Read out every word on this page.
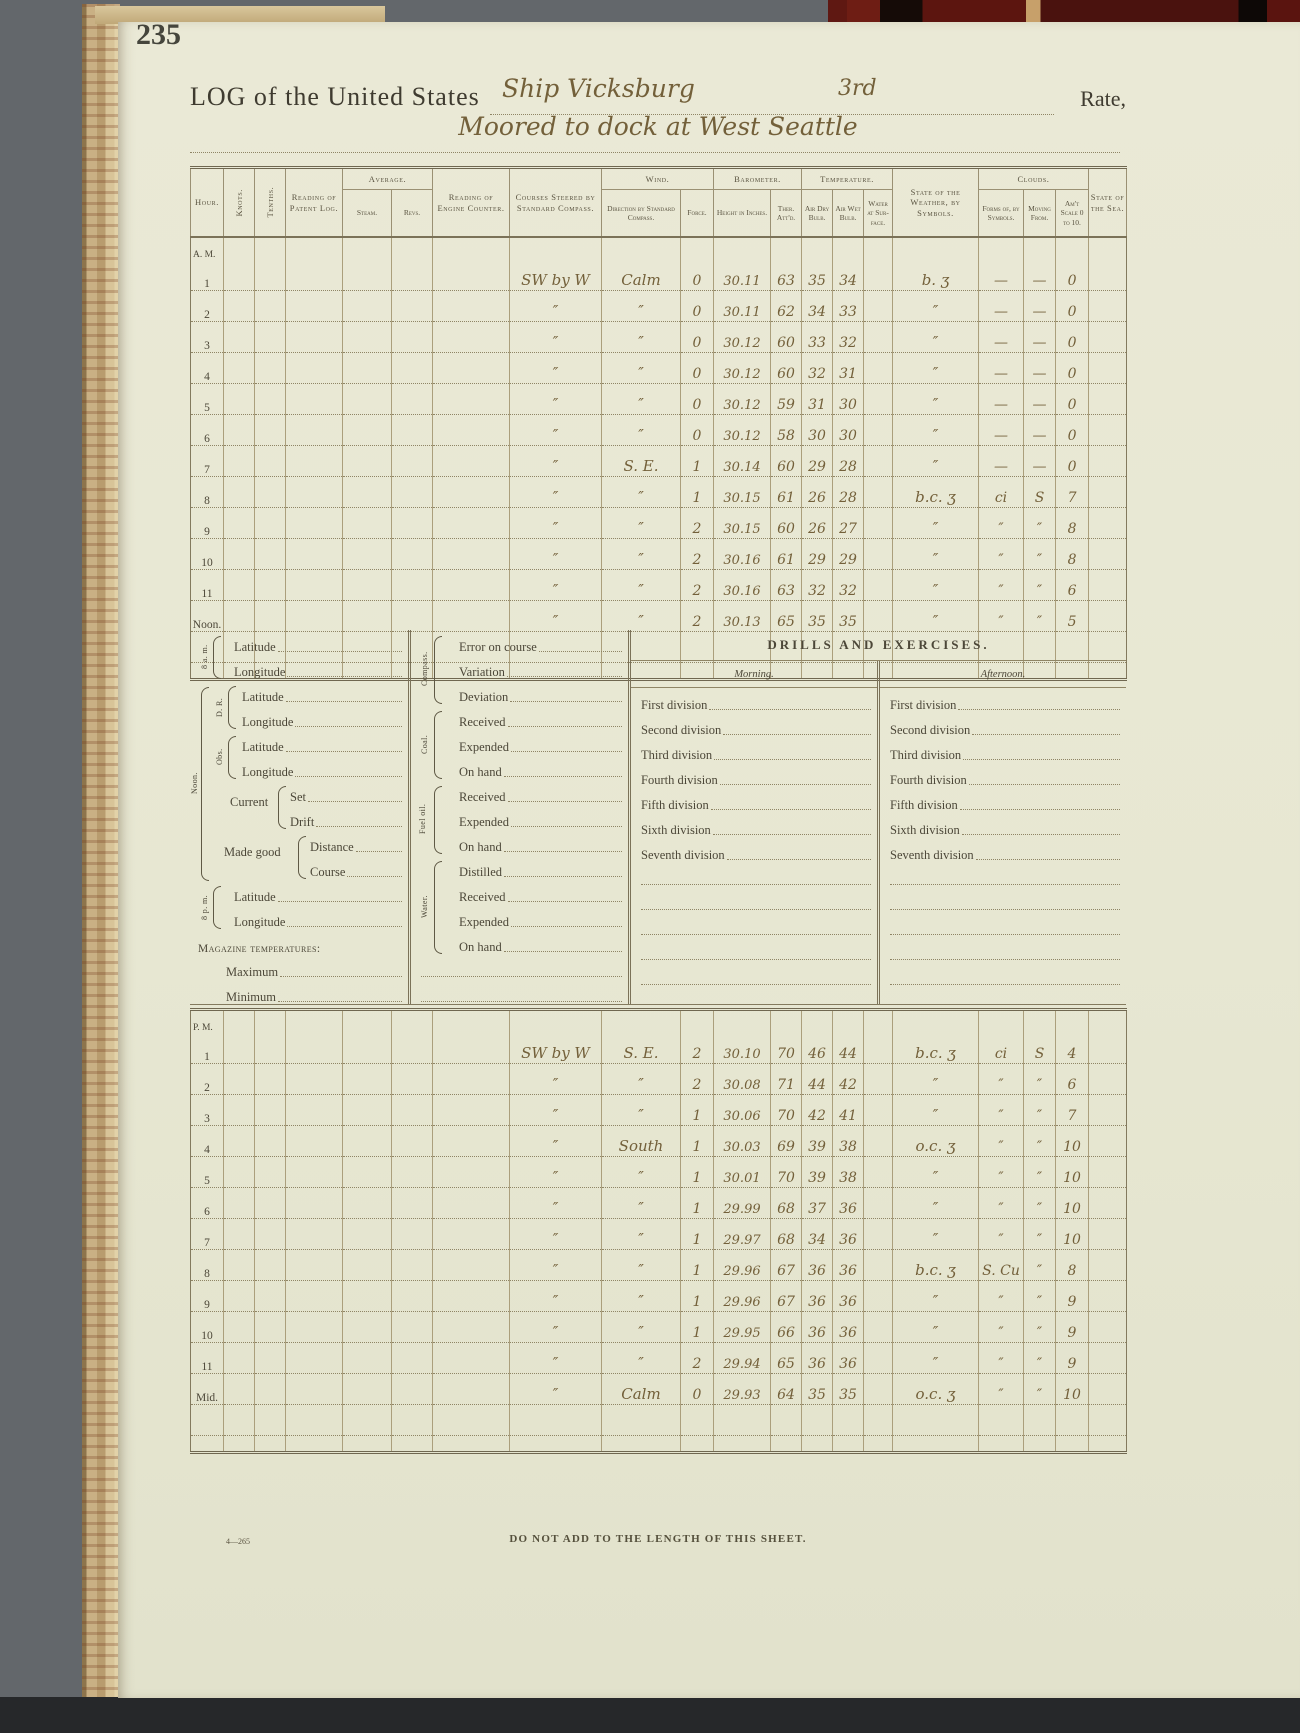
235
LOG of the United States Ship Vicksburg	3rd	Rate,
Moored to dock at West Seattle
Hour.	Knots.	Tenths.	Reading of Patent Log.	Average.		Reading of Engine Counter.	Courses Steered by Standard Compass.	Wind.		Barometer.		Temperature.			State of the Weather, by Symbols.	Clouds.			State of the Sea.
				Steam.	Revs.			Direction by Standard Compass.	Force.	Height in Inches.	Ther. Att'd.	Air Dry Bulb.	Air Wet Bulb.	Water at Surface.		Forms of, by Symbols.	Moving From.	Am't Scale 0 to 10.	
A. M.																			
1							SW by W	Calm	0	30.11	63	35	34		b. ʒ	—	—	0	
2							″	″	0	30.11	62	34	33		″	—	—	0	
3							″	″	0	30.12	60	33	32		″	—	—	0	
4							″	″	0	30.12	60	32	31		″	—	—	0	
5							″	″	0	30.12	59	31	30		″	—	—	0	
6							″	″	0	30.12	58	30	30		″	—	—	0	
7							″	S. E.	1	30.14	60	29	28		″	—	—	0	
8							″	″	1	30.15	61	26	28		b.c. ʒ	ci	S	7	
9							″	″	2	30.15	60	26	27		″	″	″	8	
10							″	″	2	30.16	61	29	29		″	″	″	8	
11							″	″	2	30.16	63	32	32		″	″	″	6	
Noon.							″	″	2	30.13	65	35	35		″	″	″	5	

8 a. m.
Noon.
D. R.
Obs.
Current
Made good
8 p. m.
Latitude
Longitude
Latitude
Longitude
Latitude
Longitude
Set
Drift
Distance
Course
Latitude
Longitude
Magazine temperatures:
Maximum
Minimum
Compass.
Coal.
Fuel oil.
Water.
Error on course
Variation
Deviation
Received
Expended
On hand
Received
Expended
On hand
Distilled
Received
Expended
On hand
DRILLS AND EXERCISES.
Morning.
First division
Second division
Third division
Fourth division
Fifth division
Sixth division
Seventh division
Afternoon.
First division
Second division
Third division
Fourth division
Fifth division
Sixth division
Seventh division
P. M.																			
1							SW by W	S. E.	2	30.10	70	46	44		b.c. ʒ	ci	S	4	
2							″	″	2	30.08	71	44	42		″	″	″	6	
3							″	″	1	30.06	70	42	41		″	″	″	7	
4							″	South	1	30.03	69	39	38		o.c. ʒ	″	″	10	
5							″	″	1	30.01	70	39	38		″	″	″	10	
6							″	″	1	29.99	68	37	36		″	″	″	10	
7							″	″	1	29.97	68	34	36		″	″	″	10	
8							″	″	1	29.96	67	36	36		b.c. ʒ	S. Cu	″	8	
9							″	″	1	29.96	67	36	36		″	″	″	9	
10							″	″	1	29.95	66	36	36		″	″	″	9	
11							″	″	2	29.94	65	36	36		″	″	″	9	
Mid.							″	Calm	0	29.93	64	35	35		o.c. ʒ	″	″	10	

4—265	DO NOT ADD TO THE LENGTH OF THIS SHEET.
